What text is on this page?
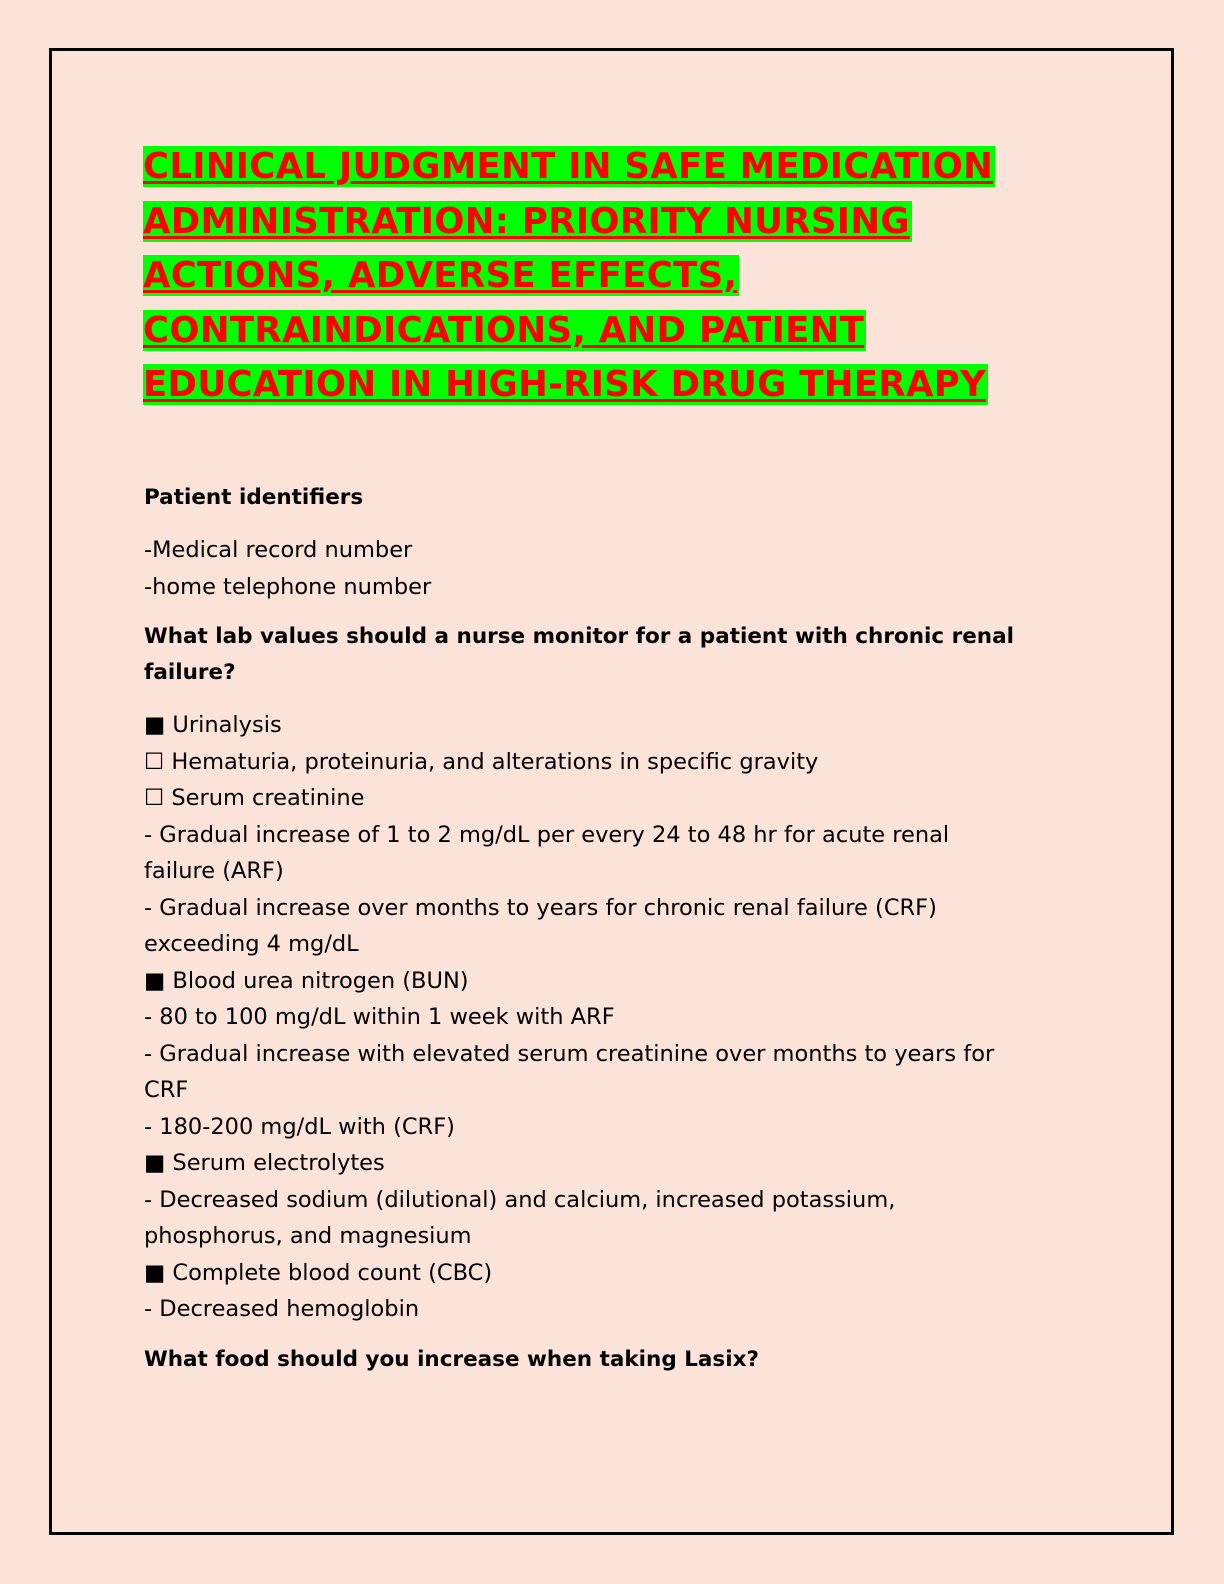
CLINICAL JUDGMENT IN SAFE MEDICATION
ADMINISTRATION: PRIORITY NURSING
ACTIONS, ADVERSE EFFECTS,
CONTRAINDICATIONS, AND PATIENT
EDUCATION IN HIGH-RISK DRUG THERAPY

Patient identifiers

-Medical record number

-home telephone number

What lab values should a nurse monitor for a patient with chronic renal failure?

■ Urinalysis

☐ Hematuria, proteinuria, and alterations in specific gravity

☐ Serum creatinine

- Gradual increase of 1 to 2 mg/dL per every 24 to 48 hr for acute renal

failure (ARF)

- Gradual increase over months to years for chronic renal failure (CRF)

exceeding 4 mg/dL

■ Blood urea nitrogen (BUN)

- 80 to 100 mg/dL within 1 week with ARF

- Gradual increase with elevated serum creatinine over months to years for

CRF

- 180-200 mg/dL with (CRF)

■ Serum electrolytes

- Decreased sodium (dilutional) and calcium, increased potassium,

phosphorus, and magnesium

■ Complete blood count (CBC)

- Decreased hemoglobin

What food should you increase when taking Lasix?
